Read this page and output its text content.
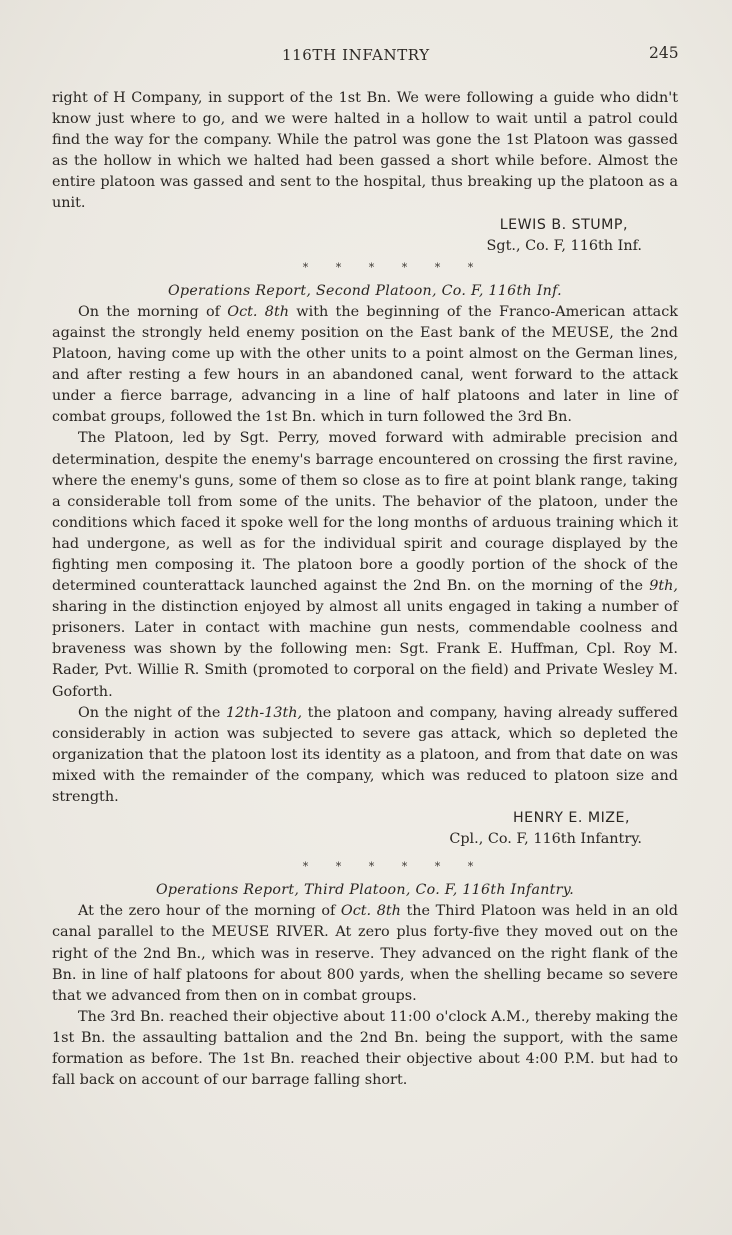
116TH INFANTRY	245

right of H Company, in support of the 1st Bn. We were following a guide who didn't know just where to go, and we were halted in a hollow to wait until a patrol could find the way for the company. While the patrol was gone the 1st Platoon was gassed as the hollow in which we halted had been gassed a short while before. Almost the entire platoon was gassed and sent to the hospital, thus breaking up the platoon as a unit.

LEWIS B. STUMP,

Sgt., Co. F, 116th Inf.

* * * * * *

Operations Report, Second Platoon, Co. F, 116th Inf.

On the morning of Oct. 8th with the beginning of the Franco-American attack against the strongly held enemy position on the East bank of the MEUSE, the 2nd Platoon, having come up with the other units to a point almost on the German lines, and after resting a few hours in an abandoned canal, went forward to the attack under a fierce barrage, advancing in a line of half platoons and later in line of combat groups, followed the 1st Bn. which in turn followed the 3rd Bn.

The Platoon, led by Sgt. Perry, moved forward with admirable precision and determination, despite the enemy's barrage encountered on crossing the first ravine, where the enemy's guns, some of them so close as to fire at point blank range, taking a considerable toll from some of the units. The behavior of the platoon, under the conditions which faced it spoke well for the long months of arduous training which it had undergone, as well as for the individual spirit and courage displayed by the fighting men composing it. The platoon bore a goodly portion of the shock of the determined counterattack launched against the 2nd Bn. on the morning of the 9th, sharing in the distinction enjoyed by almost all units engaged in taking a number of prisoners. Later in contact with machine gun nests, commendable coolness and braveness was shown by the following men: Sgt. Frank E. Huffman, Cpl. Roy M. Rader, Pvt. Willie R. Smith (promoted to corporal on the field) and Private Wesley M. Goforth.

On the night of the 12th-13th, the platoon and company, having already suffered considerably in action was subjected to severe gas attack, which so depleted the organization that the platoon lost its identity as a platoon, and from that date on was mixed with the remainder of the company, which was reduced to platoon size and strength.

HENRY E. MIZE,

Cpl., Co. F, 116th Infantry.

* * * * * *

Operations Report, Third Platoon, Co. F, 116th Infantry.

At the zero hour of the morning of Oct. 8th the Third Platoon was held in an old canal parallel to the MEUSE RIVER. At zero plus forty-five they moved out on the right of the 2nd Bn., which was in reserve. They advanced on the right flank of the Bn. in line of half platoons for about 800 yards, when the shelling became so severe that we advanced from then on in combat groups.

The 3rd Bn. reached their objective about 11:00 o'clock A.M., thereby making the 1st Bn. the assaulting battalion and the 2nd Bn. being the support, with the same formation as before. The 1st Bn. reached their objective about 4:00 P.M. but had to fall back on account of our barrage falling short.
